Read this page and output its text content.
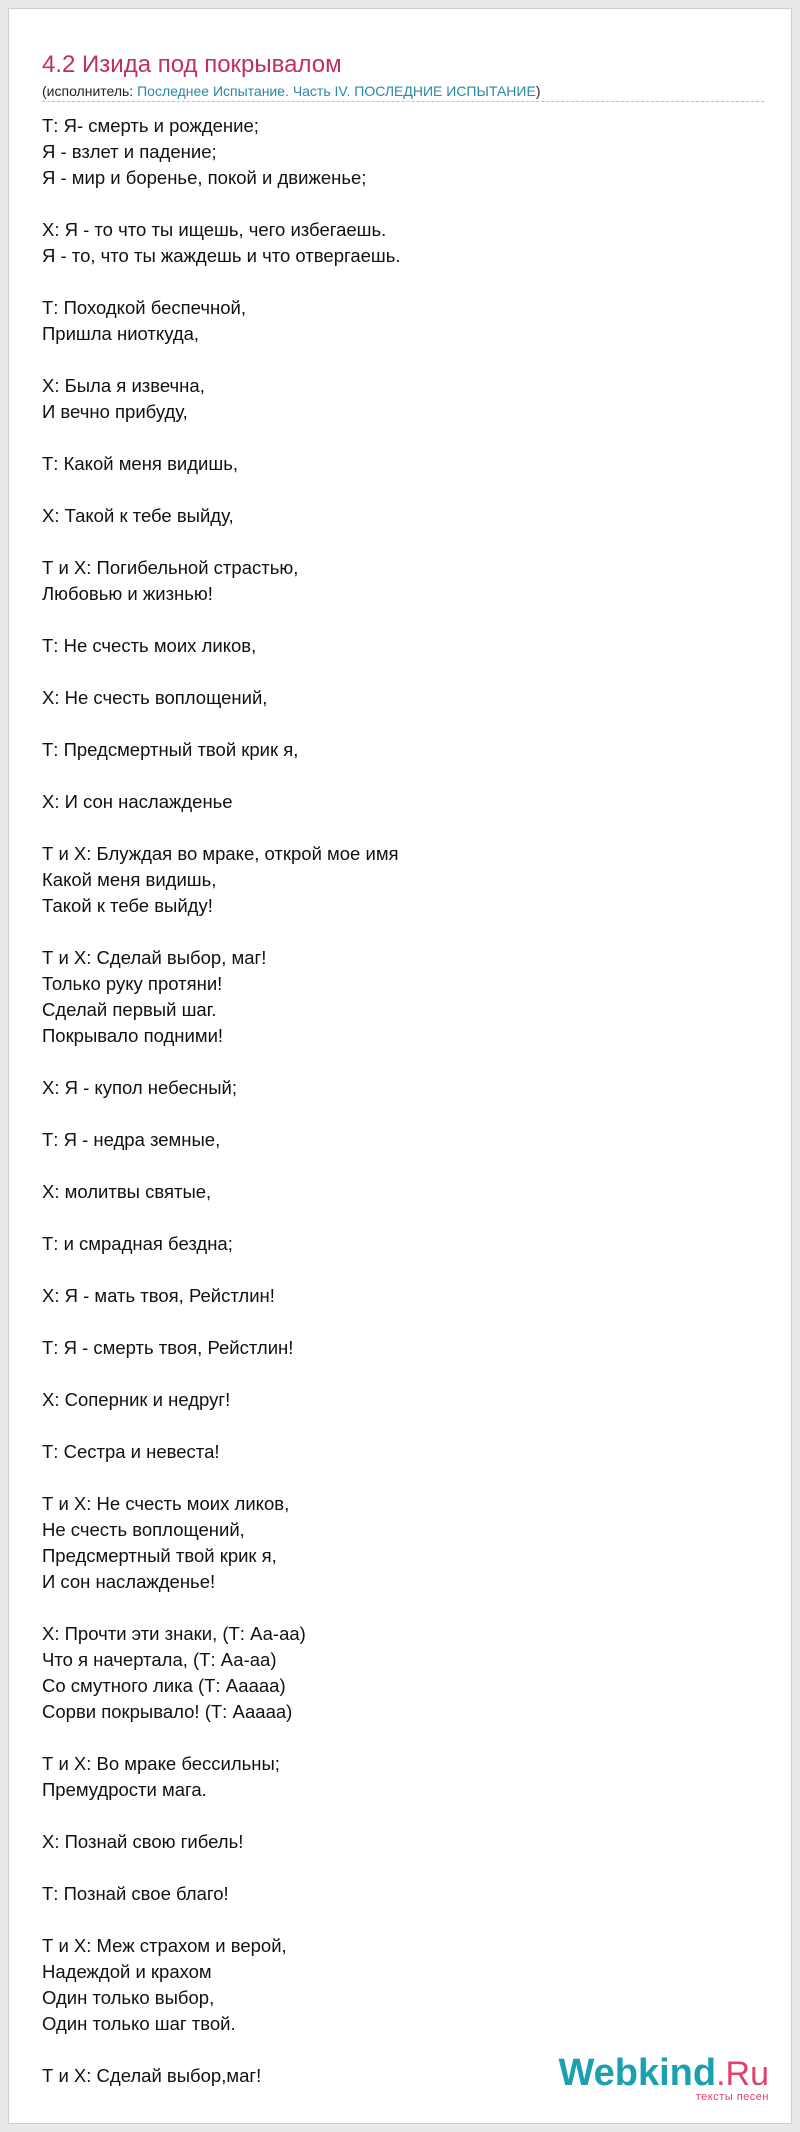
4.2 Изида под покрывалом
(исполнитель: Последнее Испытание. Часть IV. ПОСЛЕДНИЕ ИСПЫТАНИЕ)
Т: Я- смерть и рождение;
Я - взлет и падение;
Я - мир и боренье, покой и движенье;
Х: Я - то что ты ищешь, чего избегаешь.
Я - то, что ты жаждешь и что отвергаешь.
Т: Походкой беспечной,
Пришла ниоткуда,
Х: Была я извечна,
И вечно прибуду,
Т: Какой меня видишь,
Х: Такой к тебе выйду,
Т и Х: Погибельной страстью,
Любовью и жизнью!
Т: Не счесть моих ликов,
Х: Не счесть воплощений,
Т: Предсмертный твой крик я,
Х: И сон наслажденье
Т и Х: Блуждая во мраке, открой мое имя
Какой меня видишь,
Такой к тебе выйду!
Т и Х: Сделай выбор, маг!
Только руку протяни!
Сделай первый шаг.
Покрывало подними!
Х: Я - купол небесный;
Т: Я - недра земные,
Х: молитвы святые,
Т: и смрадная бездна;
Х: Я - мать твоя, Рейстлин!
Т: Я - смерть твоя, Рейстлин!
Х: Соперник и недруг!
Т: Сестра и невеста!
Т и Х: Не счесть моих ликов,
Не счесть воплощений,
Предсмертный твой крик я,
И сон наслажденье!
Х: Прочти эти знаки, (Т: Аа-аа)
Что я начертала, (Т: Аа-аа)
Со смутного лика (Т: Ааааа)
Сорви покрывало! (Т: Ааааа)
Т и Х: Во мраке бессильны;
Премудрости мага.
Х: Познай свою гибель!
Т: Познай свое благо!
Т и Х: Меж страхом и верой,
Надеждой и крахом
Один только выбор,
Один только шаг твой.
Т и Х: Сделай выбор,маг!	Webkind.Ru
тексты песен
